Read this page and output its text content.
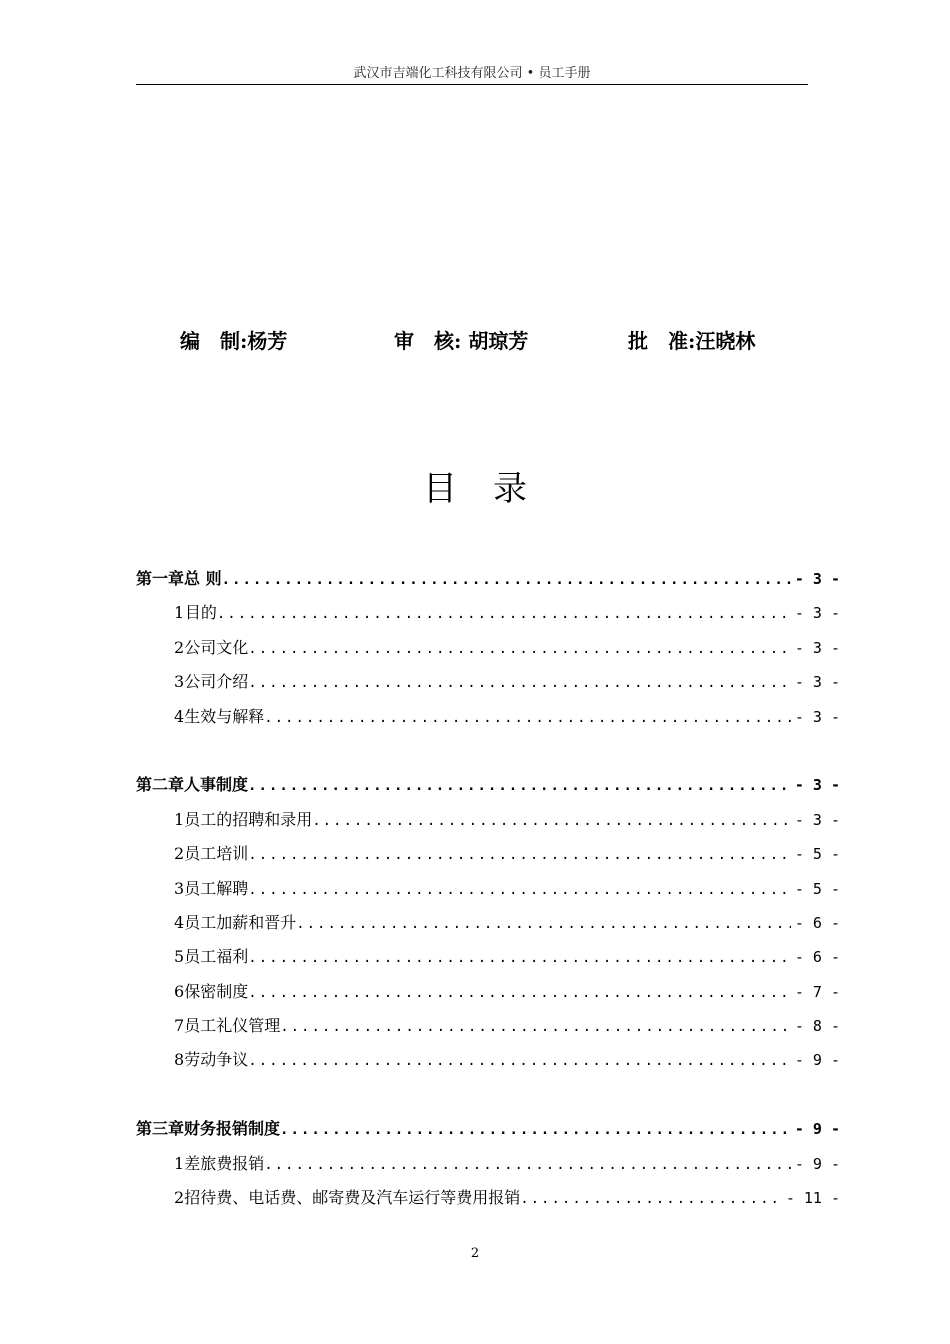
武汉市吉端化工科技有限公司 • 员工手册
编　制:杨芳	审　核: 胡琼芳	批　准:汪晓林
目录
第一章 总 则 .....	- 3 -
1 目的 .....	- 3 -
2 公司文化 .....	- 3 -
3 公司介绍 .....	- 3 -
4 生效与解释 .....	- 3 -
第二章 人事制度 .....	- 3 -
1 员工的招聘和录用 .....	- 3 -
2 员工培训 .....	- 5 -
3 员工解聘 .....	- 5 -
4 员工加薪和晋升 .....	- 6 -
5 员工福利 .....	- 6 -
6 保密制度 .....	- 7 -
7 员工礼仪管理 .....	- 8 -
8 劳动争议 .....	- 9 -
第三章 财务报销制度 .....	- 9 -
1 差旅费报销 .....	- 9 -
2 招待费、电话费、邮寄费及汽车运行等费用报销 .....	- 11 -
2
